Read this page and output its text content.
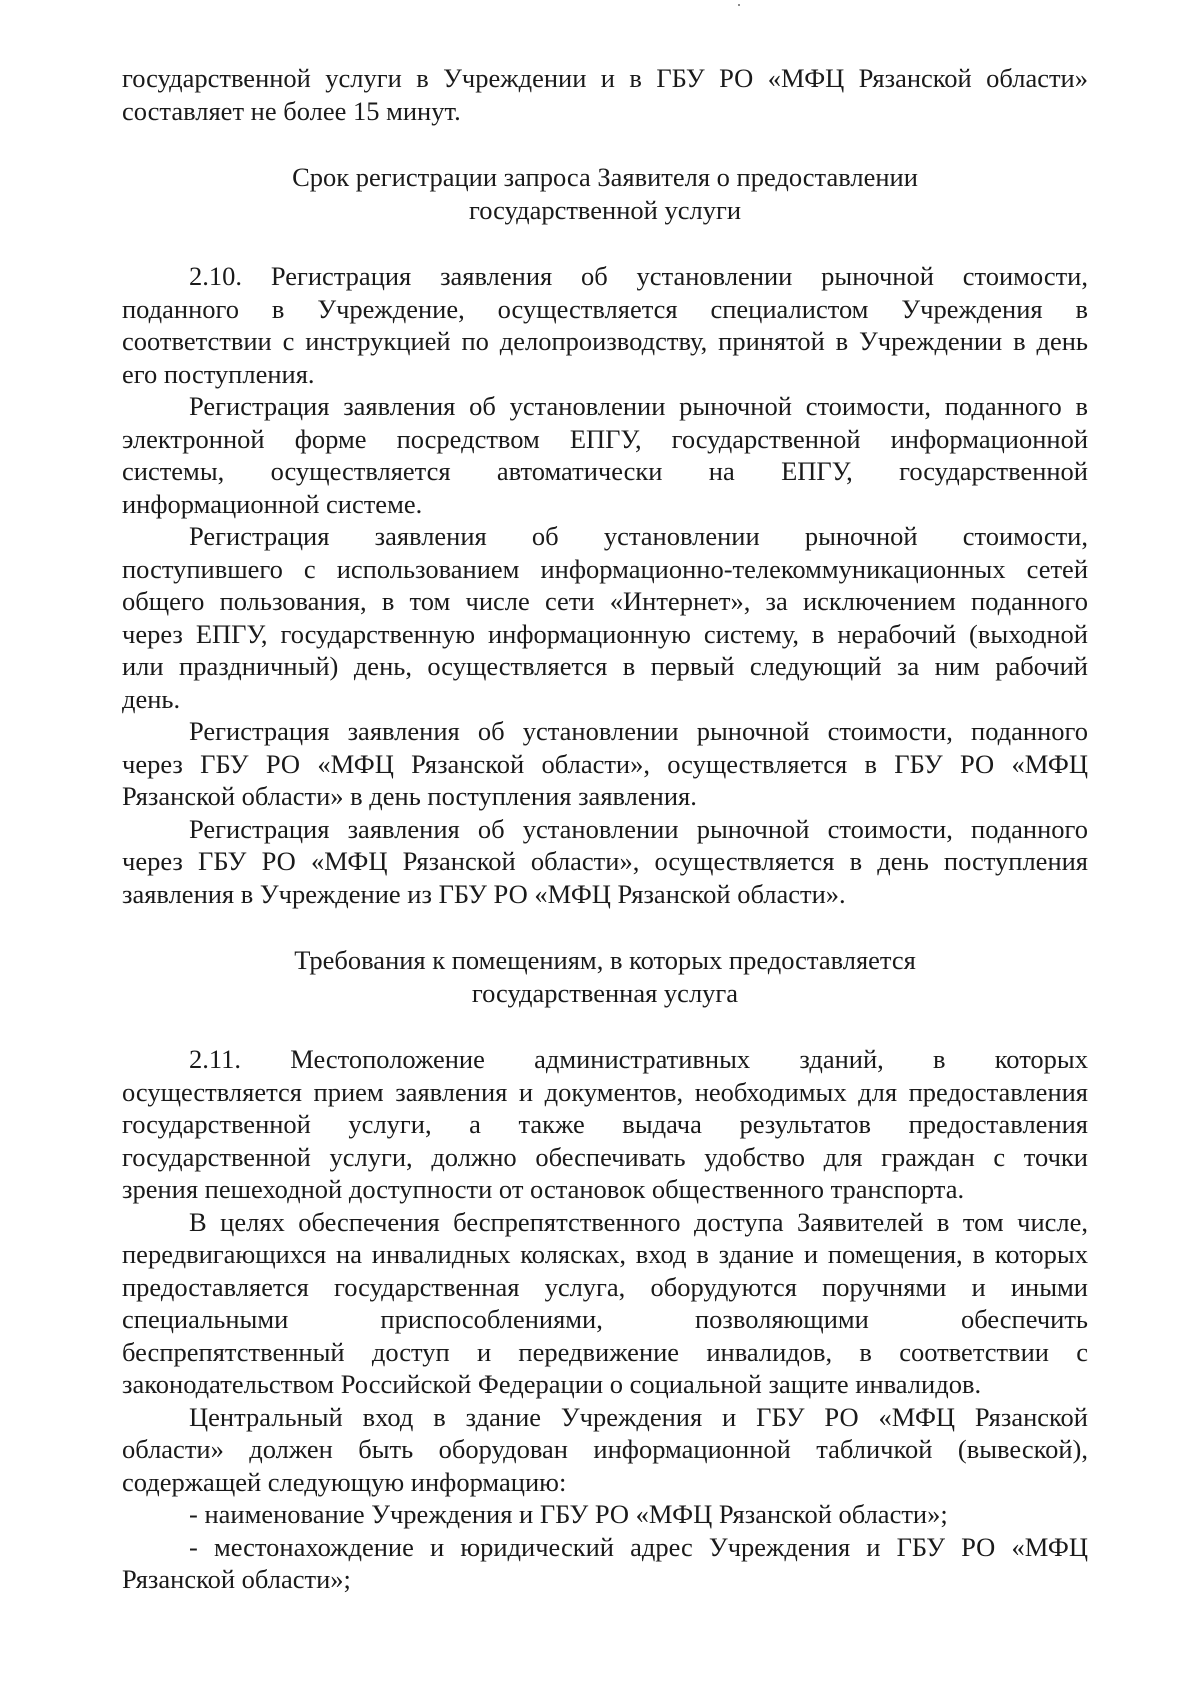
государственной услуги в Учреждении и в ГБУ РО «МФЦ Рязанской области»
составляет не более 15 минут.
Срок регистрации запроса Заявителя о предоставлении
государственной услуги
2.10. Регистрация заявления об установлении рыночной стоимости,
поданного в Учреждение, осуществляется специалистом Учреждения в
соответствии с инструкцией по делопроизводству, принятой в Учреждении в день
его поступления.
Регистрация заявления об установлении рыночной стоимости, поданного в
электронной форме посредством ЕПГУ, государственной информационной
системы, осуществляется автоматически на ЕПГУ, государственной
информационной системе.
Регистрация заявления об установлении рыночной стоимости,
поступившего с использованием информационно-телекоммуникационных сетей
общего пользования, в том числе сети «Интернет», за исключением поданного
через ЕПГУ, государственную информационную систему, в нерабочий (выходной
или праздничный) день, осуществляется в первый следующий за ним рабочий
день.
Регистрация заявления об установлении рыночной стоимости, поданного
через ГБУ РО «МФЦ Рязанской области», осуществляется в ГБУ РО «МФЦ
Рязанской области» в день поступления заявления.
Регистрация заявления об установлении рыночной стоимости, поданного
через ГБУ РО «МФЦ Рязанской области», осуществляется в день поступления
заявления в Учреждение из ГБУ РО «МФЦ Рязанской области».
Требования к помещениям, в которых предоставляется
государственная услуга
2.11. Местоположение административных зданий, в которых
осуществляется прием заявления и документов, необходимых для предоставления
государственной услуги, а также выдача результатов предоставления
государственной услуги, должно обеспечивать удобство для граждан с точки
зрения пешеходной доступности от остановок общественного транспорта.
В целях обеспечения беспрепятственного доступа Заявителей в том числе,
передвигающихся на инвалидных колясках, вход в здание и помещения, в которых
предоставляется государственная услуга, оборудуются поручнями и иными
специальными приспособлениями, позволяющими обеспечить
беспрепятственный доступ и передвижение инвалидов, в соответствии с
законодательством Российской Федерации о социальной защите инвалидов.
Центральный вход в здание Учреждения и ГБУ РО «МФЦ Рязанской
области» должен быть оборудован информационной табличкой (вывеской),
содержащей следующую информацию:
- наименование Учреждения и ГБУ РО «МФЦ Рязанской области»;
- местонахождение и юридический адрес Учреждения и ГБУ РО «МФЦ
Рязанской области»;
